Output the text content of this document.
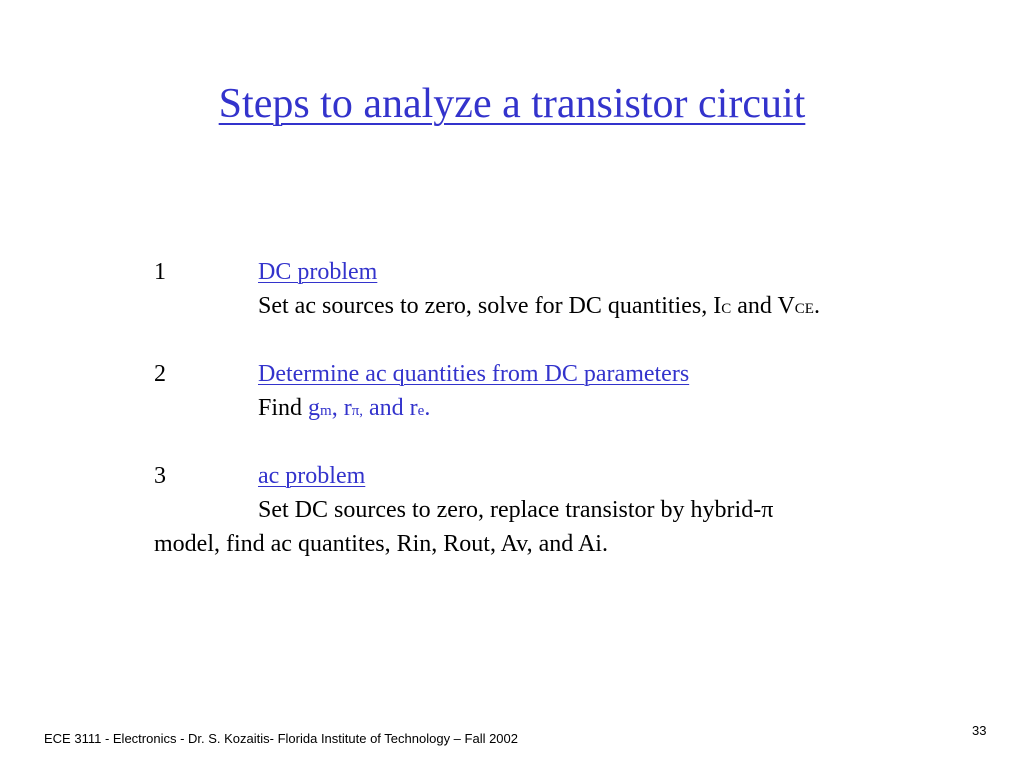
Steps to analyze a transistor circuit
1	DC problem
Set ac sources to zero, solve for DC quantities, IC and VCE.
2	Determine ac quantities from DC parameters
Find gm, rπ, and re.
3	ac problem
Set DC sources to zero, replace transistor by hybrid-π
model, find ac quantites, Rin, Rout, Av, and Ai.
ECE 3111 - Electronics - Dr. S. Kozaitis- Florida Institute of Technology – Fall 2002
33
